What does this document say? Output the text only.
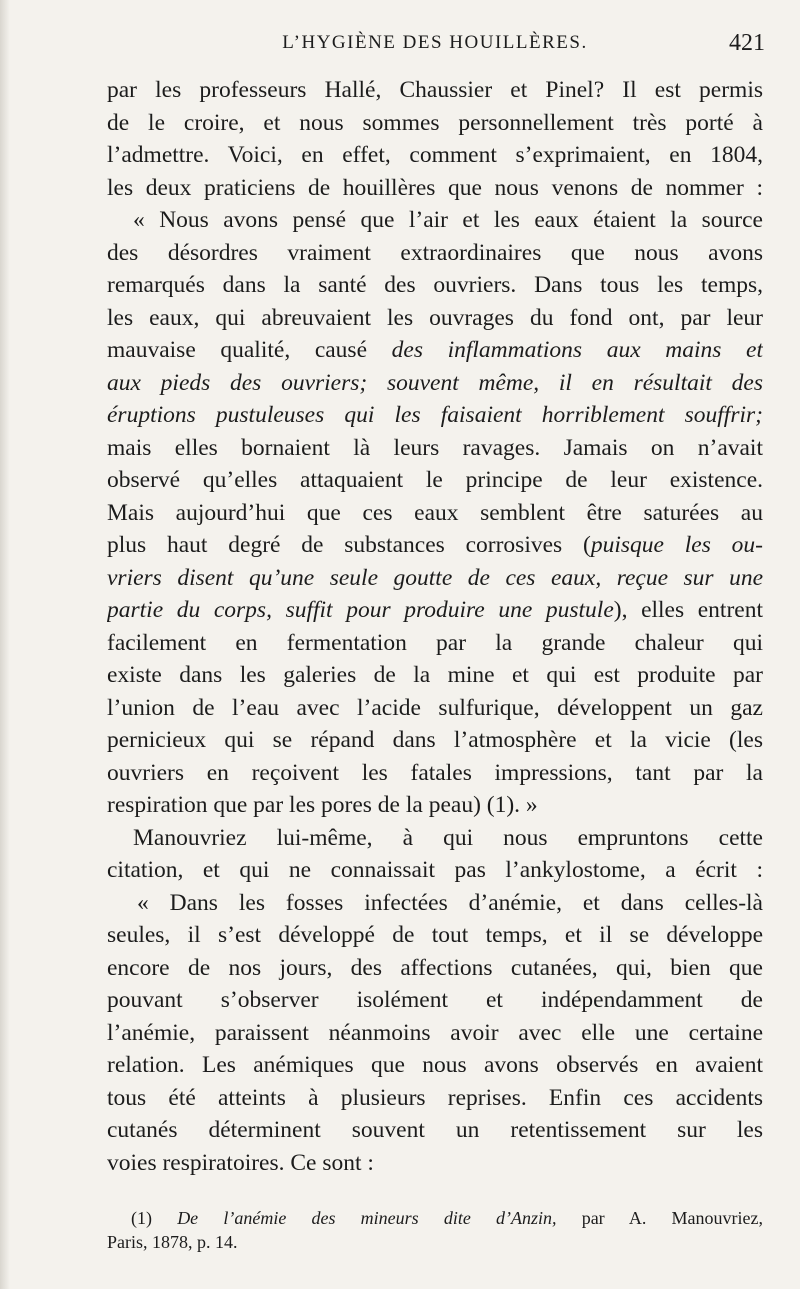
L’HYGIÈNE DES HOUILLÈRES.	421
par les professeurs Hallé, Chaussier et Pinel? Il est permis
de le croire, et nous sommes personnellement très porté à
l’admettre. Voici, en effet, comment s’exprimaient, en 1804,
les deux praticiens de houillères que nous venons de nommer :
« Nous avons pensé que l’air et les eaux étaient la source
des désordres vraiment extraordinaires que nous avons
remarqués dans la santé des ouvriers. Dans tous les temps,
les eaux, qui abreuvaient les ouvrages du fond ont, par leur
mauvaise qualité, causé des inflammations aux mains et
aux pieds des ouvriers; souvent même, il en résultait des
éruptions pustuleuses qui les faisaient horriblement souffrir;
mais elles bornaient là leurs ravages. Jamais on n’avait
observé qu’elles attaquaient le principe de leur existence.
Mais aujourd’hui que ces eaux semblent être saturées au
plus haut degré de substances corrosives (puisque les ou-
vriers disent qu’une seule goutte de ces eaux, reçue sur une
partie du corps, suffit pour produire une pustule), elles entrent
facilement en fermentation par la grande chaleur qui
existe dans les galeries de la mine et qui est produite par
l’union de l’eau avec l’acide sulfurique, développent un gaz
pernicieux qui se répand dans l’atmosphère et la vicie (les
ouvriers en reçoivent les fatales impressions, tant par la
respiration que par les pores de la peau) (1). »
Manouvriez lui-même, à qui nous empruntons cette
citation, et qui ne connaissait pas l’ankylostome, a écrit :
« Dans les fosses infectées d’anémie, et dans celles-là
seules, il s’est développé de tout temps, et il se développe
encore de nos jours, des affections cutanées, qui, bien que
pouvant s’observer isolément et indépendamment de
l’anémie, paraissent néanmoins avoir avec elle une certaine
relation. Les anémiques que nous avons observés en avaient
tous été atteints à plusieurs reprises. Enfin ces accidents
cutanés déterminent souvent un retentissement sur les
voies respiratoires. Ce sont :
(1) De l’anémie des mineurs dite d’Anzin, par A. Manouvriez,
Paris, 1878, p. 14.
